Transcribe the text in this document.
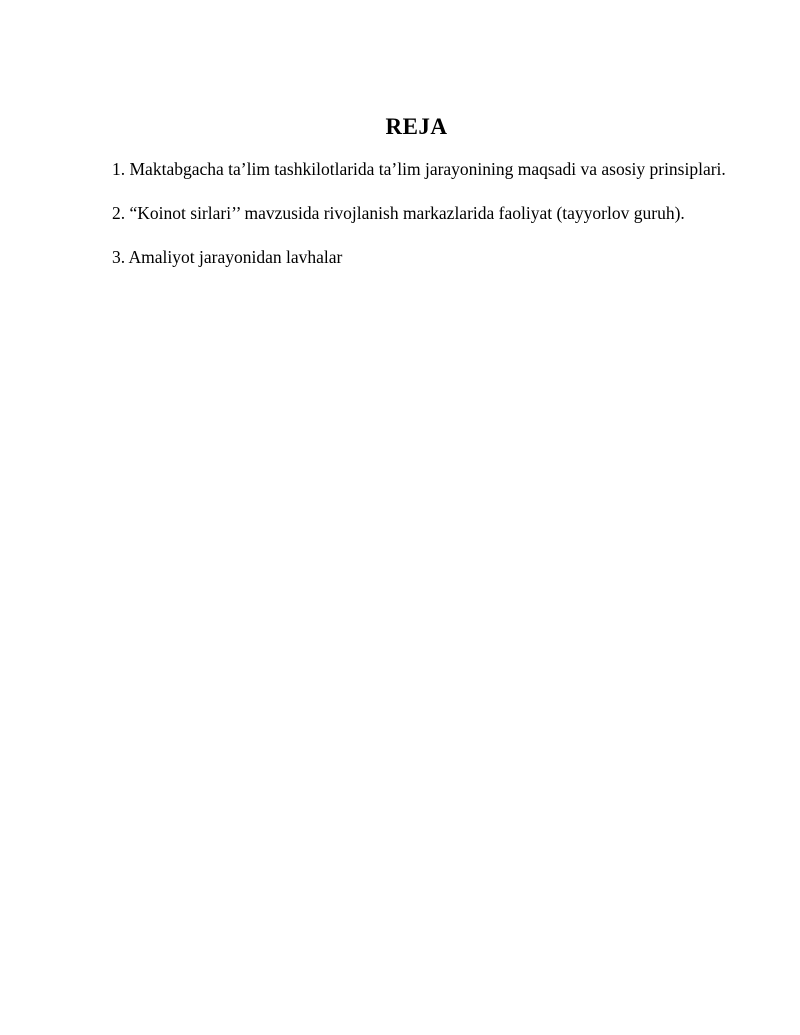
REJA
1. Maktabgacha ta’lim tashkilotlarida ta’lim jarayonining maqsadi va asosiy prinsiplari.
2. “Koinot sirlari’’ mavzusida rivojlanish markazlarida faoliyat (tayyorlov guruh).
3. Amaliyot jarayonidan lavhalar
